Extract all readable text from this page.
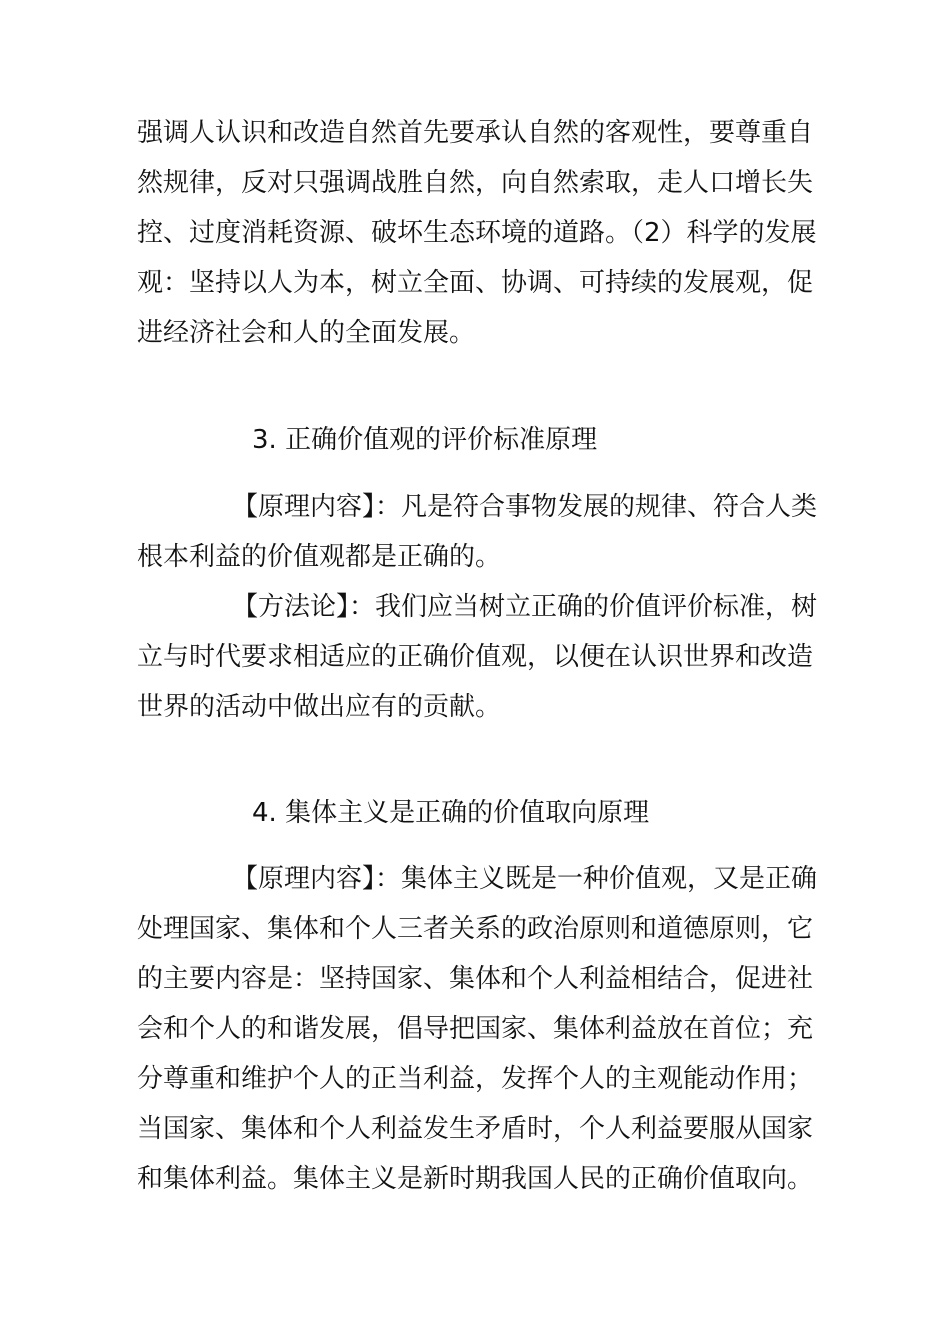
强调人认识和改造自然首先要承认自然的客观性，要尊重自
然规律，反对只强调战胜自然，向自然索取，走人口增长失
控、过度消耗资源、破坏生态环境的道路。（2）科学的发展
观：坚持以人为本，树立全面、协调、可持续的发展观，促
进经济社会和人的全面发展。
3. 正确价值观的评价标准原理
【原理内容】：凡是符合事物发展的规律、符合人类
根本利益的价值观都是正确的。
【方法论】：我们应当树立正确的价值评价标准，树
立与时代要求相适应的正确价值观，以便在认识世界和改造
世界的活动中做出应有的贡献。
4. 集体主义是正确的价值取向原理
【原理内容】：集体主义既是一种价值观，又是正确
处理国家、集体和个人三者关系的政治原则和道德原则，它
的主要内容是：坚持国家、集体和个人利益相结合，促进社
会和个人的和谐发展，倡导把国家、集体利益放在首位；充
分尊重和维护个人的正当利益，发挥个人的主观能动作用；
当国家、集体和个人利益发生矛盾时，个人利益要服从国家
和集体利益。集体主义是新时期我国人民的正确价值取向。
